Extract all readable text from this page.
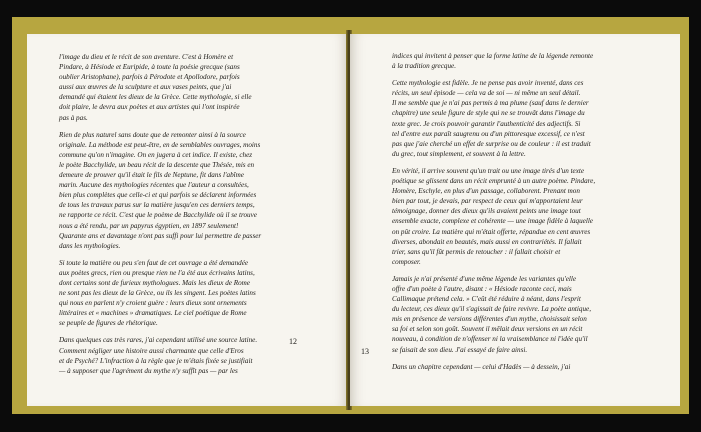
l'image du dieu et le récit de son aventure. C'est à Homère et
Pindare, à Hésiode et Euripide, à toute la poésie grecque (sans
oublier Aristophane), parfois à Pérodote et Apollodore, parfois
aussi aux œuvres de la sculpture et aux vases peints, que j'ai
demandé qui étaient les dieux de la Grèce. Cette mythologie, si elle
doit plaire, le devra aux poètes et aux artistes qui l'ont inspirée
pas à pas.

Rien de plus naturel sans doute que de remonter ainsi à la source
originale. La méthode est peut-être, en de semblables ouvrages, moins
commune qu'on n'imagine. On en jugera à cet indice. Il existe, chez
le poète Bacchylide, un beau récit de la descente que Thésée, mis en
demeure de prouver qu'il était le fils de Neptune, fit dans l'abîme
marin. Aucune des mythologies récentes que l'auteur a consultées,
bien plus complètes que celle-ci et qui parfois se déclarent informées
de tous les travaux parus sur la matière jusqu'en ces derniers temps,
ne rapporte ce récit. C'est que le poème de Bacchylide où il se trouve
nous a été rendu, par un papyrus égyptien, en 1897 seulement!
Quarante ans et davantage n'ont pas suffi pour lui permettre de passer
dans les mythologies.

Si toute la matière ou peu s'en faut de cet ouvrage a été demandée
aux poètes grecs, rien ou presque rien ne l'a été aux écrivains latins,
dont certains sont de furieux mythologues. Mais les dieux de Rome
ne sont pas les dieux de la Grèce, ou ils les singent. Les poètes latins
qui nous en parlent n'y croient guère : leurs dieux sont ornements
littéraires et « machines » dramatiques. Le ciel poétique de Rome
se peuple de figures de rhétorique.

Dans quelques cas très rares, j'ai cependant utilisé une source latine.
Comment négliger une histoire aussi charmante que celle d'Eros
et de Psyché? L'infraction à la règle que je m'étais fixée se justifiait
— à supposer que l'agrément du mythe n'y suffît pas — par les

12

indices qui invitent à penser que la forme latine de la légende remonte
à la tradition grecque.

Cette mythologie est fidèle. Je ne pense pas avoir inventé, dans ces
récits, un seul épisode — cela va de soi — ni même un seul détail.
Il me semble que je n'ai pas permis à ma plume (sauf dans le dernier
chapitre) une seule figure de style qui ne se trouvât dans l'image du
texte grec. Je crois pouvoir garantir l'authenticité des adjectifs. Si
tel d'entre eux paraît saugrenu ou d'un pittoresque excessif, ce n'est
pas que j'aie cherché un effet de surprise ou de couleur : il est traduit
du grec, tout simplement, et souvent à la lettre.

En vérité, il arrive souvent qu'un trait ou une image tirés d'un texte
poétique se glissent dans un récit emprunté à un autre poème. Pindare,
Homère, Eschyle, en plus d'un passage, collaborent. Prenant mon
bien par tout, je devais, par respect de ceux qui m'apportaient leur
témoignage, donner des dieux qu'ils avaient peints une image tout
ensemble exacte, complexe et cohérente — une image fidèle à laquelle
on pût croire. La matière qui m'était offerte, répandue en cent œuvres
diverses, abondait en beautés, mais aussi en contrariétés. Il fallait
trier, sans qu'il fût permis de retoucher : il fallait choisir et
composer.

Jamais je n'ai présenté d'une même légende les variantes qu'elle
offre d'un poète à l'autre, disant : « Hésiode raconte ceci, mais
Callimaque prétend cela. » C'eût été réduire à néant, dans l'esprit
du lecteur, ces dieux qu'il s'agissait de faire revivre. La poète antique,
mis en présence de versions différentes d'un mythe, choisissait selon
sa foi et selon son goût. Souvent il mêlait deux versions en un récit
nouveau, à condition de n'offenser ni la vraisemblance ni l'idée qu'il
se faisait de son dieu. J'ai essayé de faire ainsi.

Dans un chapitre cependant — celui d'Hadès — à dessein, j'ai

13
